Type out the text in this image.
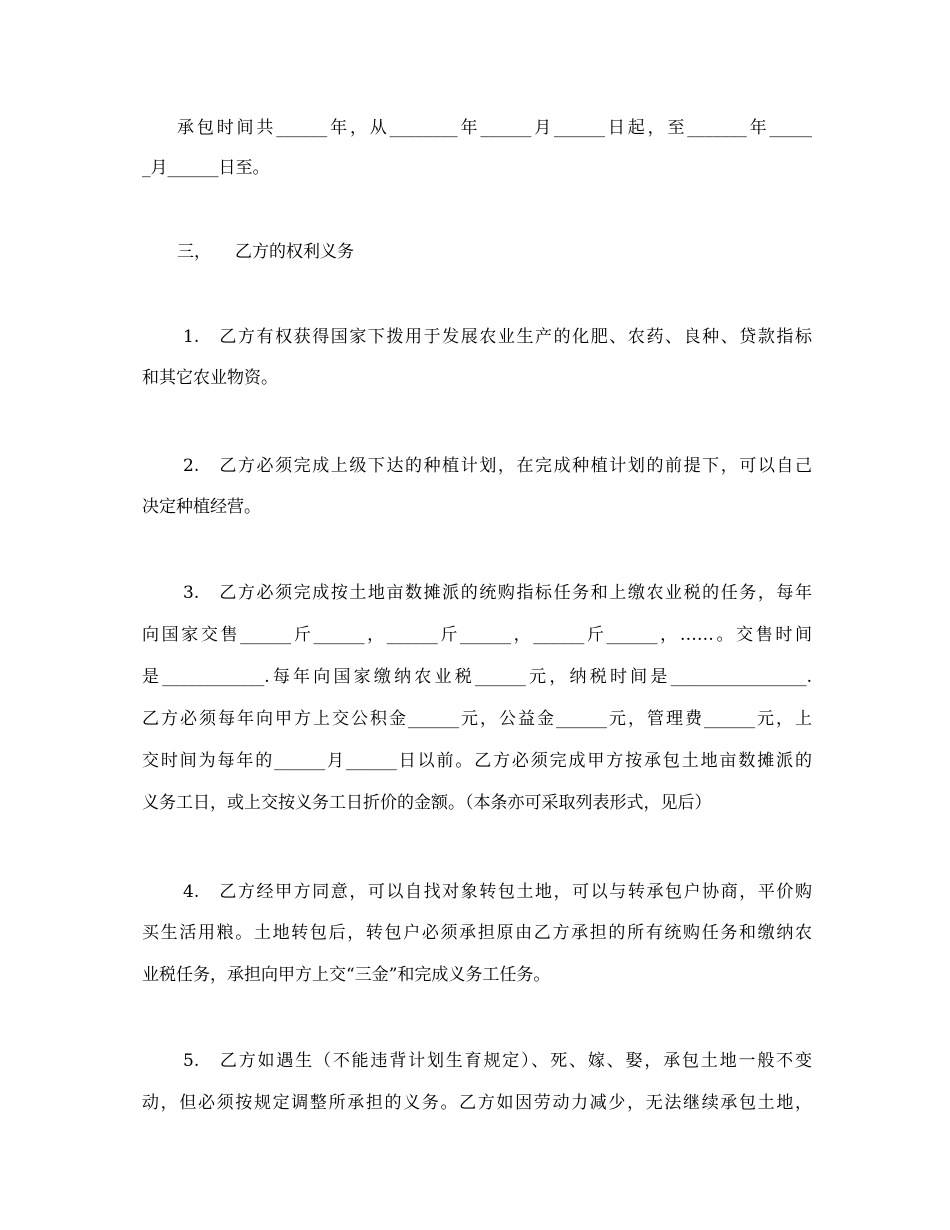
三， 乙方的权利义务
承包时间共______年，从________年______月______日起，至_______年_____
_月______日至。
1.　乙方有权获得国家下拨用于发展农业生产的化肥、农药、良种、贷款指标
和其它农业物资。
2.　乙方必须完成上级下达的种植计划，在完成种植计划的前提下，可以自己
决定种植经营。
3.　乙方必须完成按土地亩数摊派的统购指标任务和上缴农业税的任务，每年
向国家交售______斤______，______斤______，______斤______，……。交售时间
是____________.每年向国家缴纳农业税______元，纳税时间是________________.
乙方必须每年向甲方上交公积金______元，公益金______元，管理费______元，上
交时间为每年的______月______日以前。乙方必须完成甲方按承包土地亩数摊派的
义务工日，或上交按义务工日折价的金额。（本条亦可采取列表形式，见后）
4.　乙方经甲方同意，可以自找对象转包土地，可以与转承包户协商，平价购
买生活用粮。土地转包后，转包户必须承担原由乙方承担的所有统购任务和缴纳农
业税任务，承担向甲方上交“三金”和完成义务工任务。
5.　乙方如遇生（不能违背计划生育规定）、死、嫁、娶，承包土地一般不变
动，但必须按规定调整所承担的义务。乙方如因劳动力减少，无法继续承包土地，
